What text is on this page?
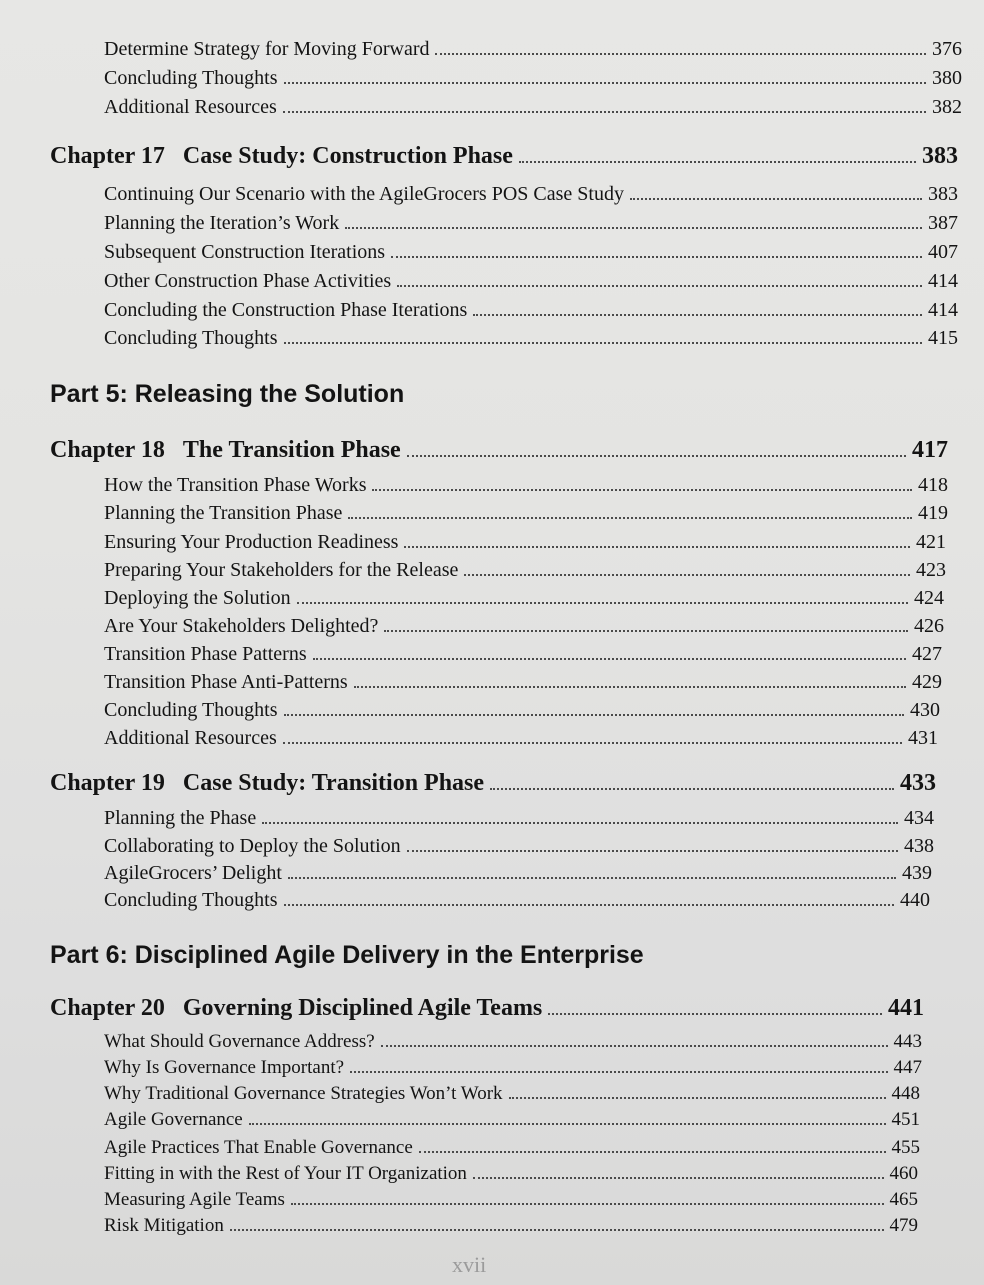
Determine Strategy for Moving Forward	376
Concluding Thoughts	380
Additional Resources	382
Chapter 17 Case Study: Construction Phase	383
Continuing Our Scenario with the AgileGrocers POS Case Study	383
Planning the Iteration’s Work	387
Subsequent Construction Iterations	407
Other Construction Phase Activities	414
Concluding the Construction Phase Iterations	414
Concluding Thoughts	415
Part 5: Releasing the Solution
Chapter 18 The Transition Phase	417
How the Transition Phase Works	418
Planning the Transition Phase	419
Ensuring Your Production Readiness	421
Preparing Your Stakeholders for the Release	423
Deploying the Solution	424
Are Your Stakeholders Delighted?	426
Transition Phase Patterns	427
Transition Phase Anti-Patterns	429
Concluding Thoughts	430
Additional Resources	431
Chapter 19 Case Study: Transition Phase	433
Planning the Phase	434
Collaborating to Deploy the Solution	438
AgileGrocers’ Delight	439
Concluding Thoughts	440
Part 6: Disciplined Agile Delivery in the Enterprise
Chapter 20 Governing Disciplined Agile Teams	441
What Should Governance Address?	443
Why Is Governance Important?	447
Why Traditional Governance Strategies Won’t Work	448
Agile Governance	451
Agile Practices That Enable Governance	455
Fitting in with the Rest of Your IT Organization	460
Measuring Agile Teams	465
Risk Mitigation	479
xvii
